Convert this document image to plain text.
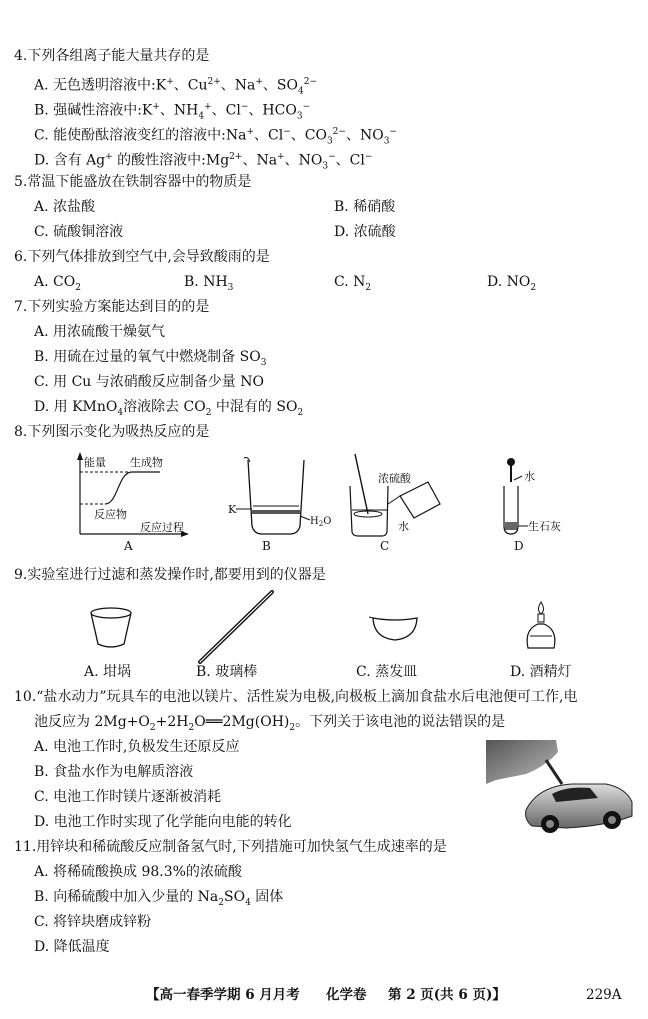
4.下列各组离子能大量共存的是
A. 无色透明溶液中:K+、$Cu^{2+}$、Na+、$SO_4^{2-}$
B. 强碱性溶液中:K+、$NH_4^+$、Cl−、$HCO_3^-$
C. 能使酚酞溶液变红的溶液中:Na+、Cl−、$CO_3^{2-}$、$NO_3^-$
D. 含有 Ag+ 的酸性溶液中$:Mg^{2+}$、Na+、$NO_3^-$、Cl−
5.常温下能盛放在铁制容器中的物质是
A. 浓盐酸	B. 稀硝酸
C. 硫酸铜溶液	D. 浓硫酸
6.下列气体排放到空气中,会导致酸雨的是
A. $CO_2$	B. $NH_3$	C. $N_2$	D. $NO_2$
7.下列实验方案能达到目的的是
A. 用浓硫酸干燥氨气
B. 用硫在过量的氧气中燃烧制备 $SO_3$
C. 用 Cu 与浓硝酸反应制备少量 NO
D. 用 KMnO$_4$溶液除去 $CO_2$ 中混有的 $SO_2$
8.下列图示变化为吸热反应的是
能量 生成物
反应物
反应过程
A
K
$H_2O$
B
浓硫酸
水
C
水
生石灰
D
9.实验室进行过滤和蒸发操作时,都要用到的仪器是
A. 坩埚	B. 玻璃棒	C. 蒸发皿	D. 酒精灯
10.“盐水动力”玩具车的电池以镁片、活性炭为电极,向极板上滴加食盐水后电池便可工作,电
池反应为 $2Mg+O_2+2H_2O══2Mg(OH)_2$。下列关于该电池的说法错误的是
A. 电池工作时,负极发生还原反应
B. 食盐水作为电解质溶液
C. 电池工作时镁片逐渐被消耗
D. 电池工作时实现了化学能向电能的转化
11.用锌块和稀硫酸反应制备氢气时,下列措施可加快氢气生成速率的是
A. 将稀硫酸换成 98.3%的浓硫酸
B. 向稀硫酸中加入少量的 $Na_2SO_4$ 固体
C. 将锌块磨成锌粉
D. 降低温度
【高一春季学期 6 月月考 化学卷 第 2 页(共 6 页)】	229A
